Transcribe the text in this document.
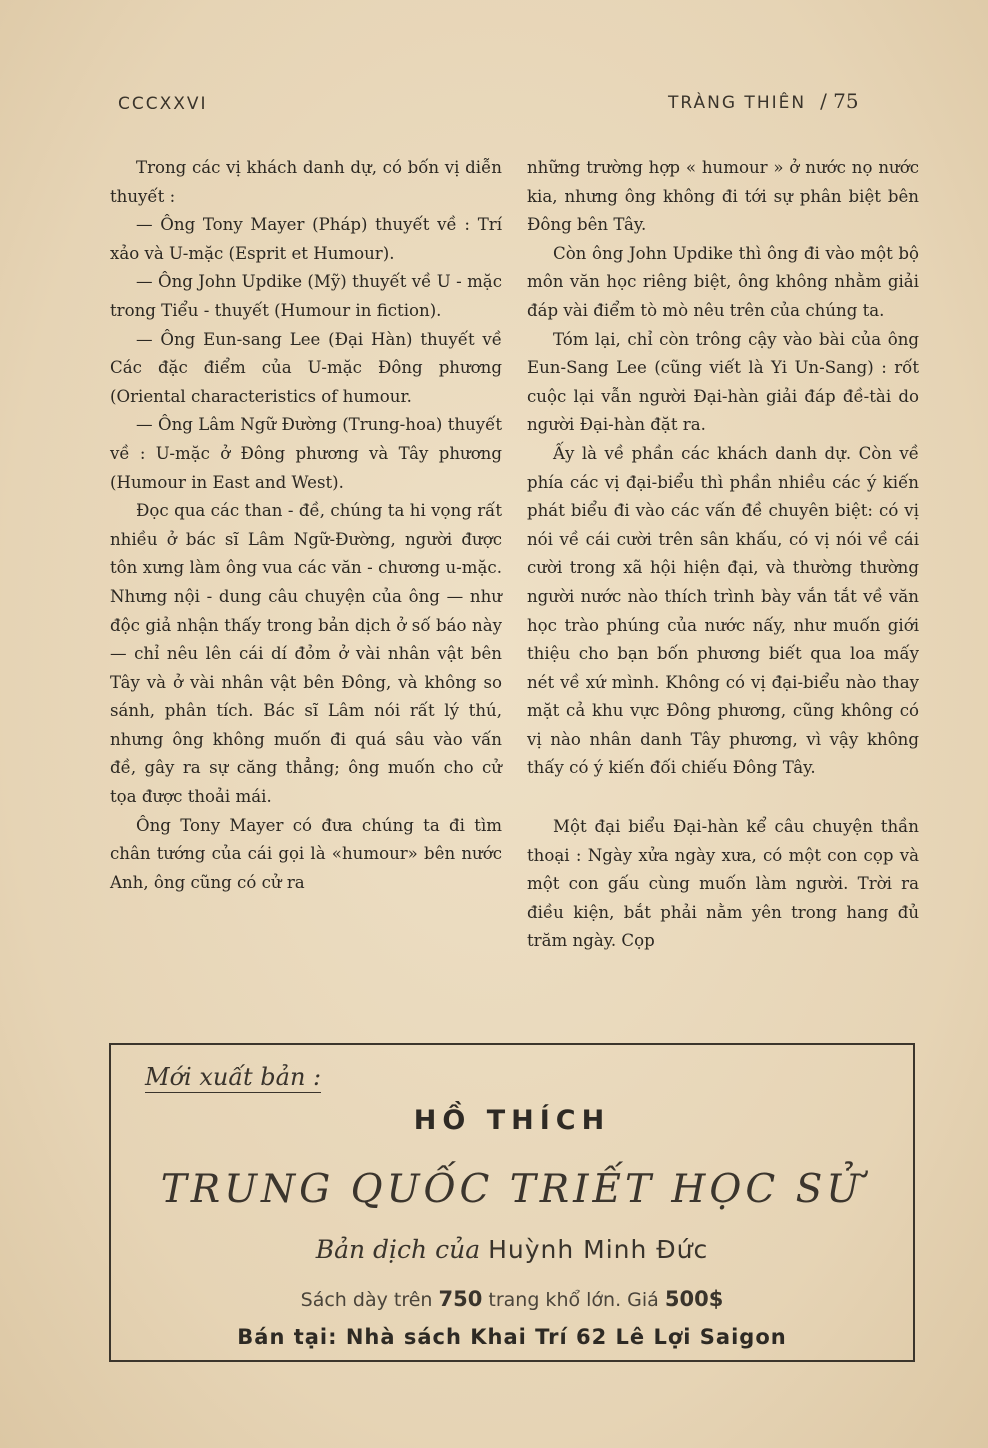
CCCXXVI	TRÀNG THIÊN / 75

Trong các vị khách danh dự, có bốn vị diễn thuyết :

— Ông Tony Mayer (Pháp) thuyết về : Trí xảo và U-mặc (Esprit et Humour).

— Ông John Updike (Mỹ) thuyết về U - mặc trong Tiểu - thuyết (Humour in fiction).

— Ông Eun-sang Lee (Đại Hàn) thuyết về Các đặc điểm của U-mặc Đông phương (Oriental characteristics of humour.

— Ông Lâm Ngữ Đường (Trung-hoa) thuyết về : U-mặc ở Đông phương và Tây phương (Humour in East and West).

Đọc qua các than - đề, chúng ta hi vọng rất nhiều ở bác sĩ Lâm Ngữ-Đường, người được tôn xưng làm ông vua các văn - chương u-mặc. Nhưng nội - dung câu chuyện của ông — như độc giả nhận thấy trong bản dịch ở số báo này — chỉ nêu lên cái dí đỏm ở vài nhân vật bên Tây và ở vài nhân vật bên Đông, và không so sánh, phân tích. Bác sĩ Lâm nói rất lý thú, nhưng ông không muốn đi quá sâu vào vấn đề, gây ra sự căng thẳng; ông muốn cho cử tọa được thoải mái.

Ông Tony Mayer có đưa chúng ta đi tìm chân tướng của cái gọi là «humour» bên nước Anh, ông cũng có cử ra

những trường hợp « humour » ở nước nọ nước kia, nhưng ông không đi tới sự phân biệt bên Đông bên Tây.

Còn ông John Updike thì ông đi vào một bộ môn văn học riêng biệt, ông không nhằm giải đáp vài điểm tò mò nêu trên của chúng ta.

Tóm lại, chỉ còn trông cậy vào bài của ông Eun-Sang Lee (cũng viết là Yi Un-Sang) : rốt cuộc lại vẫn người Đại-hàn giải đáp đề-tài do người Đại-hàn đặt ra.

Ấy là về phần các khách danh dự. Còn về phía các vị đại-biểu thì phần nhiều các ý kiến phát biểu đi vào các vấn đề chuyên biệt: có vị nói về cái cười trên sân khấu, có vị nói về cái cười trong xã hội hiện đại, và thường thường người nước nào thích trình bày vắn tắt về văn học trào phúng của nước nấy, như muốn giới thiệu cho bạn bốn phương biết qua loa mấy nét về xứ mình. Không có vị đại-biểu nào thay mặt cả khu vực Đông phương, cũng không có vị nào nhân danh Tây phương, vì vậy không thấy có ý kiến đối chiếu Đông Tây.

Một đại biểu Đại-hàn kể câu chuyện thần thoại : Ngày xửa ngày xưa, có một con cọp và một con gấu cùng muốn làm người. Trời ra điều kiện, bắt phải nằm yên trong hang đủ trăm ngày. Cọp

Mới xuất bản :
HỒ THÍCH
TRUNG QUỐC TRIẾT HỌC SỬ
Bản dịch của Huỳnh Minh Đức
Sách dày trên 750 trang khổ lớn. Giá 500$
Bán tại: Nhà sách Khai Trí 62 Lê Lợi Saigon
